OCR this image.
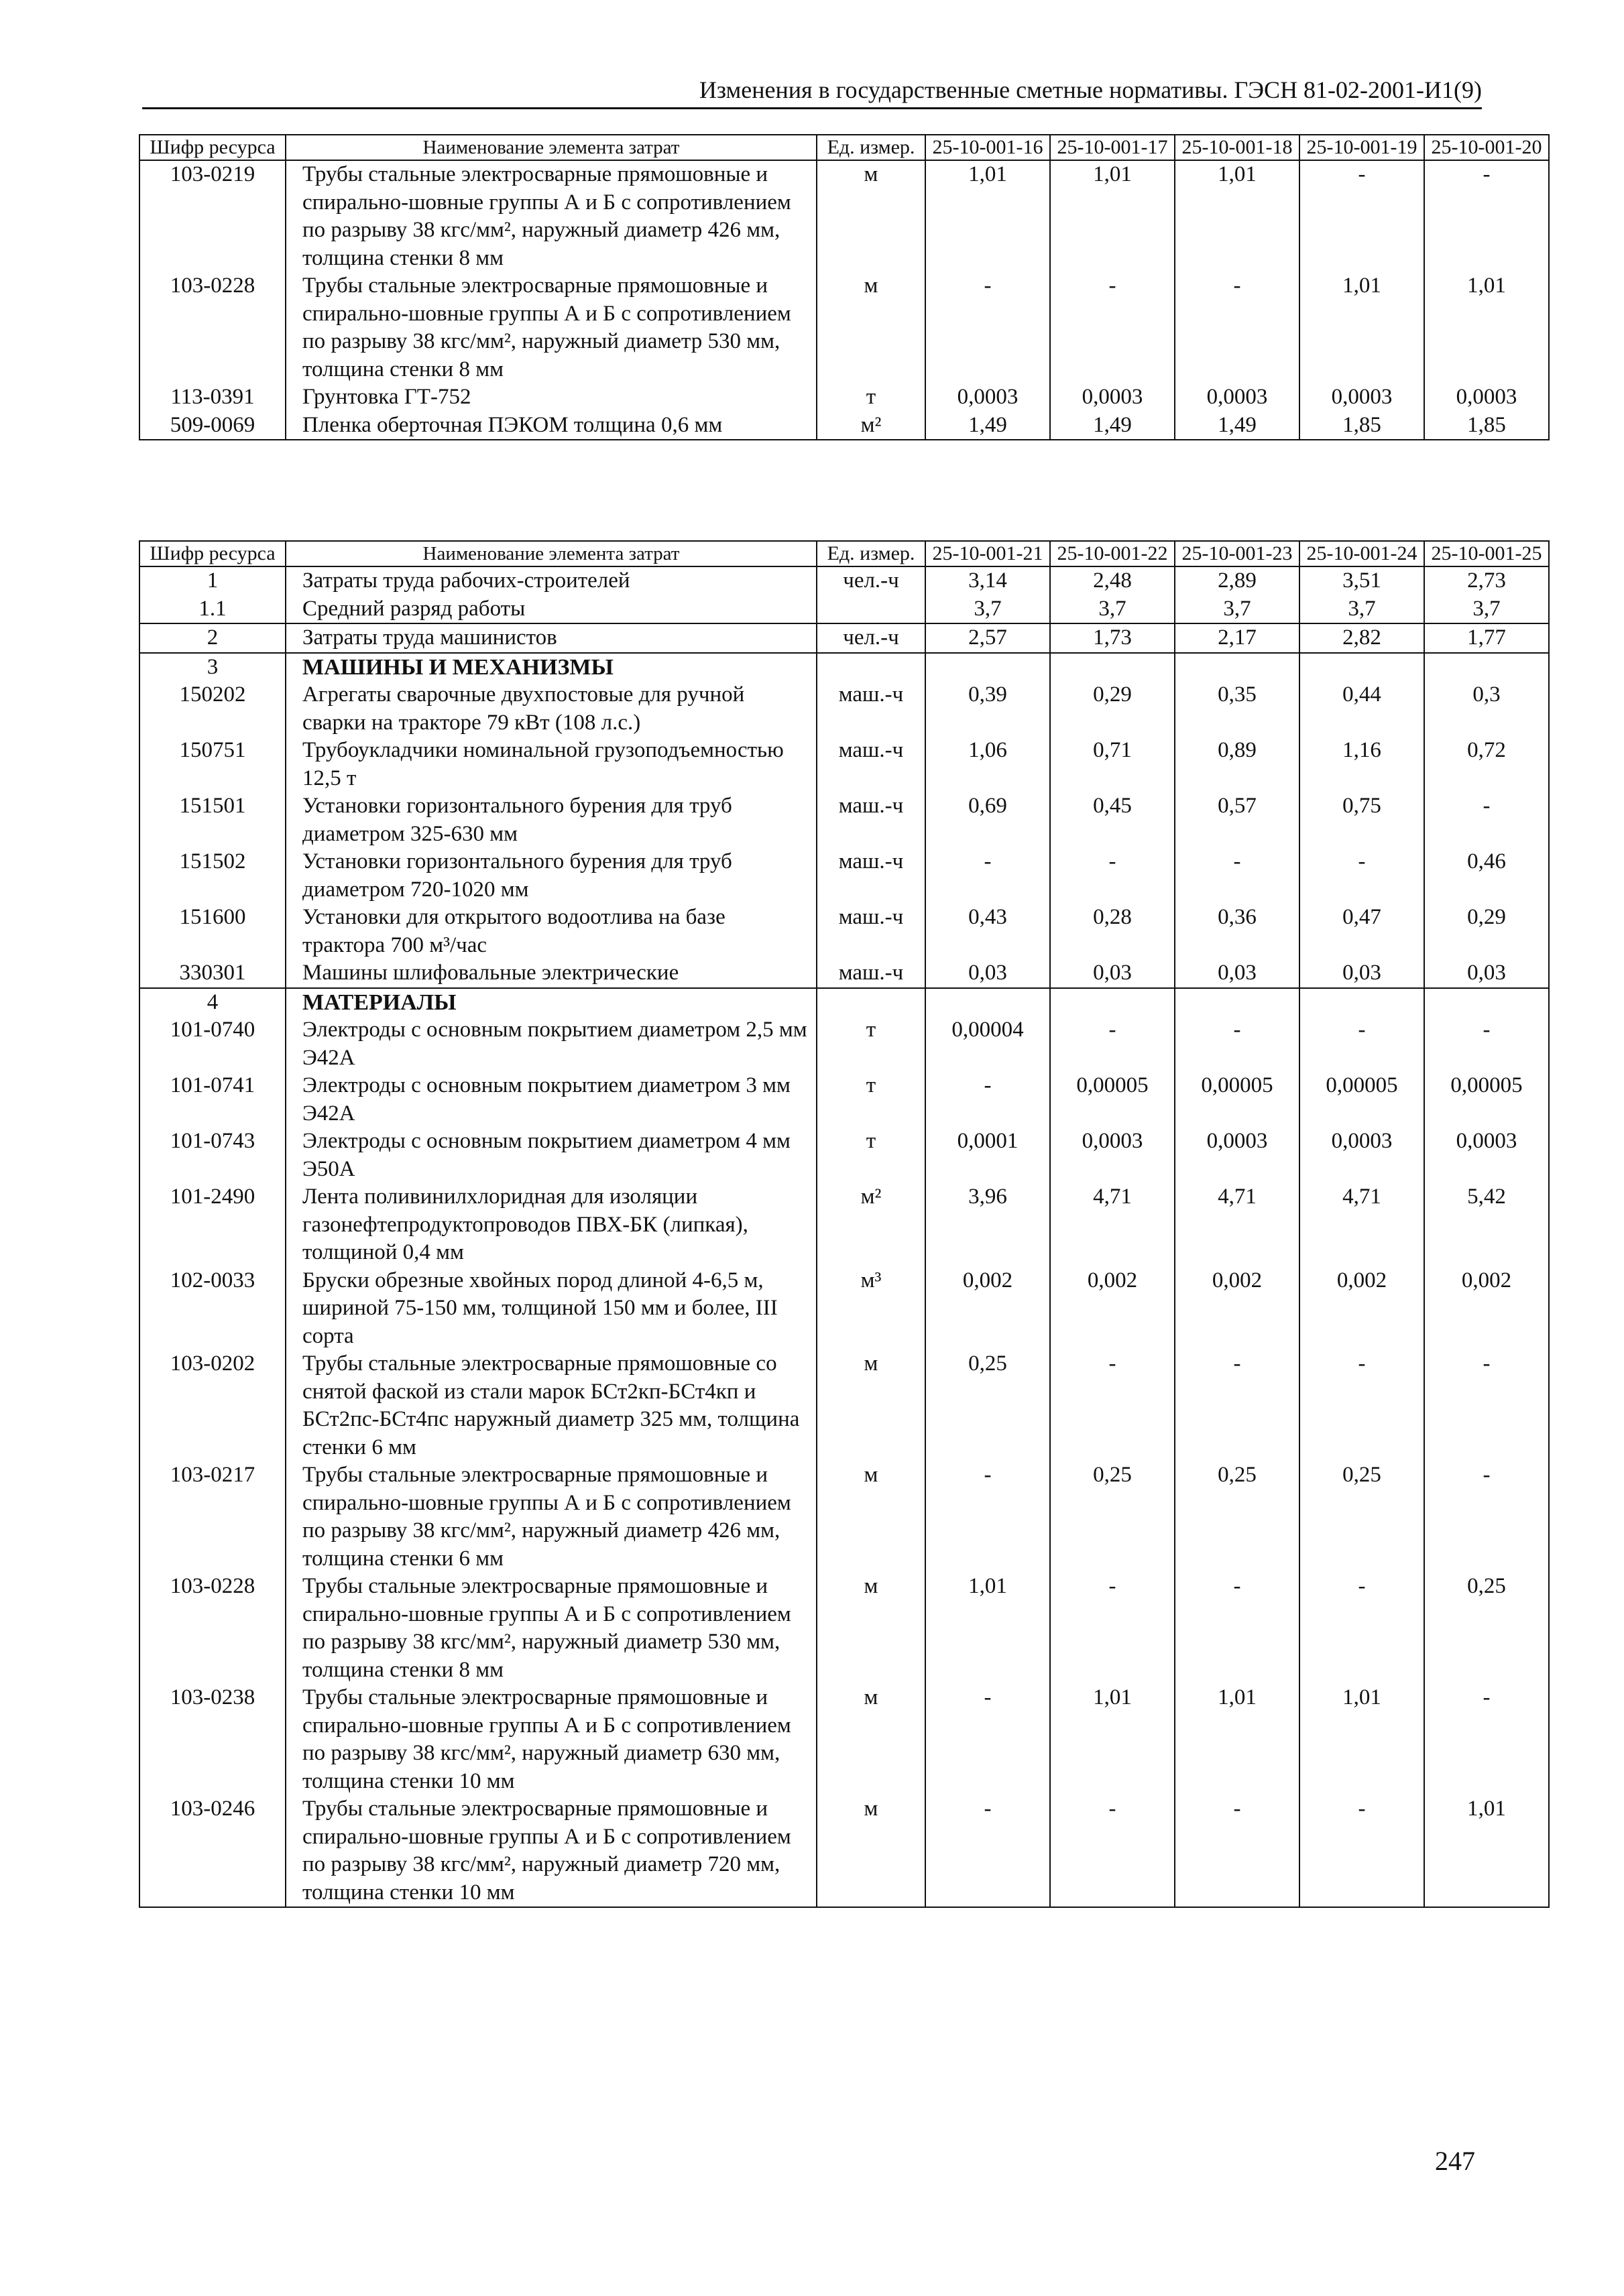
Изменения в государственные сметные нормативы. ГЭСН 81-02-2001-И1(9)
Шифр ресурса	Наименование элемента затрат	Ед. измер.	25-10-001-16	25-10-001-17	25-10-001-18	25-10-001-19	25-10-001-20
103-0219	Трубы стальные электросварные прямошовные и спирально-шовные группы А и Б с сопротивлением по разрыву 38 кгс/мм², наружный диаметр 426 мм, толщина стенки 8 мм	м	1,01	1,01	1,01	-	-
103-0228	Трубы стальные электросварные прямошовные и спирально-шовные группы А и Б с сопротивлением по разрыву 38 кгс/мм², наружный диаметр 530 мм, толщина стенки 8 мм	м	-	-	-	1,01	1,01
113-0391	Грунтовка ГТ-752	т	0,0003	0,0003	0,0003	0,0003	0,0003
509-0069	Пленка оберточная ПЭКОМ толщина 0,6 мм	м²	1,49	1,49	1,49	1,85	1,85
Шифр ресурса	Наименование элемента затрат	Ед. измер.	25-10-001-21	25-10-001-22	25-10-001-23	25-10-001-24	25-10-001-25
1	Затраты труда рабочих-строителей	чел.-ч	3,14	2,48	2,89	3,51	2,73
1.1	Средний разряд работы		3,7	3,7	3,7	3,7	3,7
2	Затраты труда машинистов	чел.-ч	2,57	1,73	2,17	2,82	1,77
3	МАШИНЫ И МЕХАНИЗМЫ						
150202	Агрегаты сварочные двухпостовые для ручной сварки на тракторе 79 кВт (108 л.с.)	маш.-ч	0,39	0,29	0,35	0,44	0,3
150751	Трубоукладчики номинальной грузоподъемностью 12,5 т	маш.-ч	1,06	0,71	0,89	1,16	0,72
151501	Установки горизонтального бурения для труб диаметром 325-630 мм	маш.-ч	0,69	0,45	0,57	0,75	-
151502	Установки горизонтального бурения для труб диаметром 720-1020 мм	маш.-ч	-	-	-	-	0,46
151600	Установки для открытого водоотлива на базе трактора 700 м³/час	маш.-ч	0,43	0,28	0,36	0,47	0,29
330301	Машины шлифовальные электрические	маш.-ч	0,03	0,03	0,03	0,03	0,03
4	МАТЕРИАЛЫ						
101-0740	Электроды с основным покрытием диаметром 2,5 мм Э42А	т	0,00004	-	-	-	-
101-0741	Электроды с основным покрытием диаметром 3 мм Э42А	т	-	0,00005	0,00005	0,00005	0,00005
101-0743	Электроды с основным покрытием диаметром 4 мм Э50А	т	0,0001	0,0003	0,0003	0,0003	0,0003
101-2490	Лента поливинилхлоридная для изоляции газонефтепродуктопроводов ПВХ-БК (липкая), толщиной 0,4 мм	м²	3,96	4,71	4,71	4,71	5,42
102-0033	Бруски обрезные хвойных пород длиной 4-6,5 м, шириной 75-150 мм, толщиной 150 мм и более, III сорта	м³	0,002	0,002	0,002	0,002	0,002
103-0202	Трубы стальные электросварные прямошовные со снятой фаской из стали марок БСт2кп-БСт4кп и БСт2пс-БСт4пс наружный диаметр 325 мм, толщина стенки 6 мм	м	0,25	-	-	-	-
103-0217	Трубы стальные электросварные прямошовные и спирально-шовные группы А и Б с сопротивлением по разрыву 38 кгс/мм², наружный диаметр 426 мм, толщина стенки 6 мм	м	-	0,25	0,25	0,25	-
103-0228	Трубы стальные электросварные прямошовные и спирально-шовные группы А и Б с сопротивлением по разрыву 38 кгс/мм², наружный диаметр 530 мм, толщина стенки 8 мм	м	1,01	-	-	-	0,25
103-0238	Трубы стальные электросварные прямошовные и спирально-шовные группы А и Б с сопротивлением по разрыву 38 кгс/мм², наружный диаметр 630 мм, толщина стенки 10 мм	м	-	1,01	1,01	1,01	-
103-0246	Трубы стальные электросварные прямошовные и спирально-шовные группы А и Б с сопротивлением по разрыву 38 кгс/мм², наружный диаметр 720 мм, толщина стенки 10 мм	м	-	-	-	-	1,01
247
